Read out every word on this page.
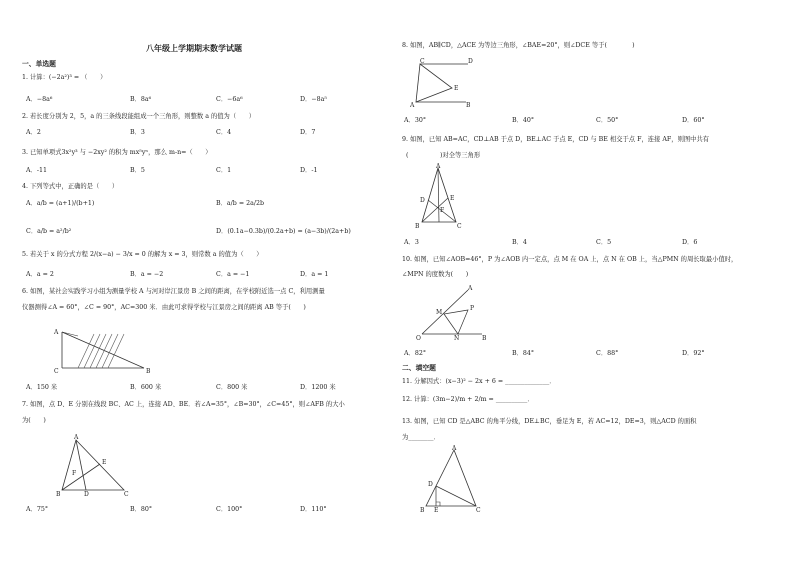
八年级上学期期末数学试题
一、单选题
1. 计算：(−2a²)³ = （　　）
A．−8a⁶	B．8a⁶	C．−6a⁶	D．−8a⁵
2. 若长度分别为 2，5，a 的三条线段能组成一个三角形，则整数 a 的值为（　　）
A．2	B．3	C．4	D．7
3. 已知单项式3x²y³ 与 −2xy² 的积为 mx⁵yⁿ，那么 m-n=（　　）
A．-11	B．5	C．1	D．-1
4. 下列等式中，正确的是（　　）
A．a/b = (a+1)/(b+1)	B．a/b = 2a/2b
C．a/b = a²/b²	D．(0.1a−0.3b)/(0.2a+b) = (a−3b)/(2a+b)
5. 若关于 x 的分式方程 2/(x−a) − 3/x = 0 的解为 x = 3，则常数 a 的值为（　　）
A．a = 2	B．a = −2	C．a = −1	D．a = 1
6. 如图，某社会实践学习小组为测量学校 A 与河对岸江景房 B 之间的距离，在学校附近选一点 C，利用测量
仪器测得∠A = 60°，∠C = 90°，AC=300 米．由此可求得学校与江景房之间的距离 AB 等于(　　)
A
B
C
A．150 米	B．600 米	C．800 米	D．1200 米
7. 如图，点 D、E 分别在线段 BC、AC 上，连接 AD、BE．若∠A=35°，∠B=30°，∠C=45°，则∠AFB 的大小
为(　　)
A
B	C
D
E
F
A．75°	B．80°	C．100°	D．110°
8. 如图，AB∥CD，△ACE 为等边三角形，∠BAE=20°，则∠DCE 等于(　　　　)
C	D
A	B
E
A．30°	B．40°	C．50°	D．60°
9. 如图，已知 AB=AC，CD⊥AB 于点 D，BE⊥AC 于点 E，CD 与 BE 相交于点 F，连接 AF，则图中共有
(　　　　　)对全等三角形
A
B	C
D	E
F
A．3	B．4	C．5	D．6
10. 如图，已知∠AOB=46°，P 为∠AOB 内一定点，点 M 在 OA 上，点 N 在 OB 上，当△PMN 的周长取最小值时，
∠MPN 的度数为(　　)
A
B
O
M
N
P
A．82°	B．84°	C．88°	D．92°
二、填空题
11. 分解因式：(x−3)² − 2x + 6 = ______________．
12. 计算：(3m−2)/m + 2/m = __________．
13. 如图，已知 CD 是△ABC 的角平分线，DE⊥BC，垂足为 E，若 AC=12，DE=3，则△ACD 的面积
为________．
A
B	C
D
E
